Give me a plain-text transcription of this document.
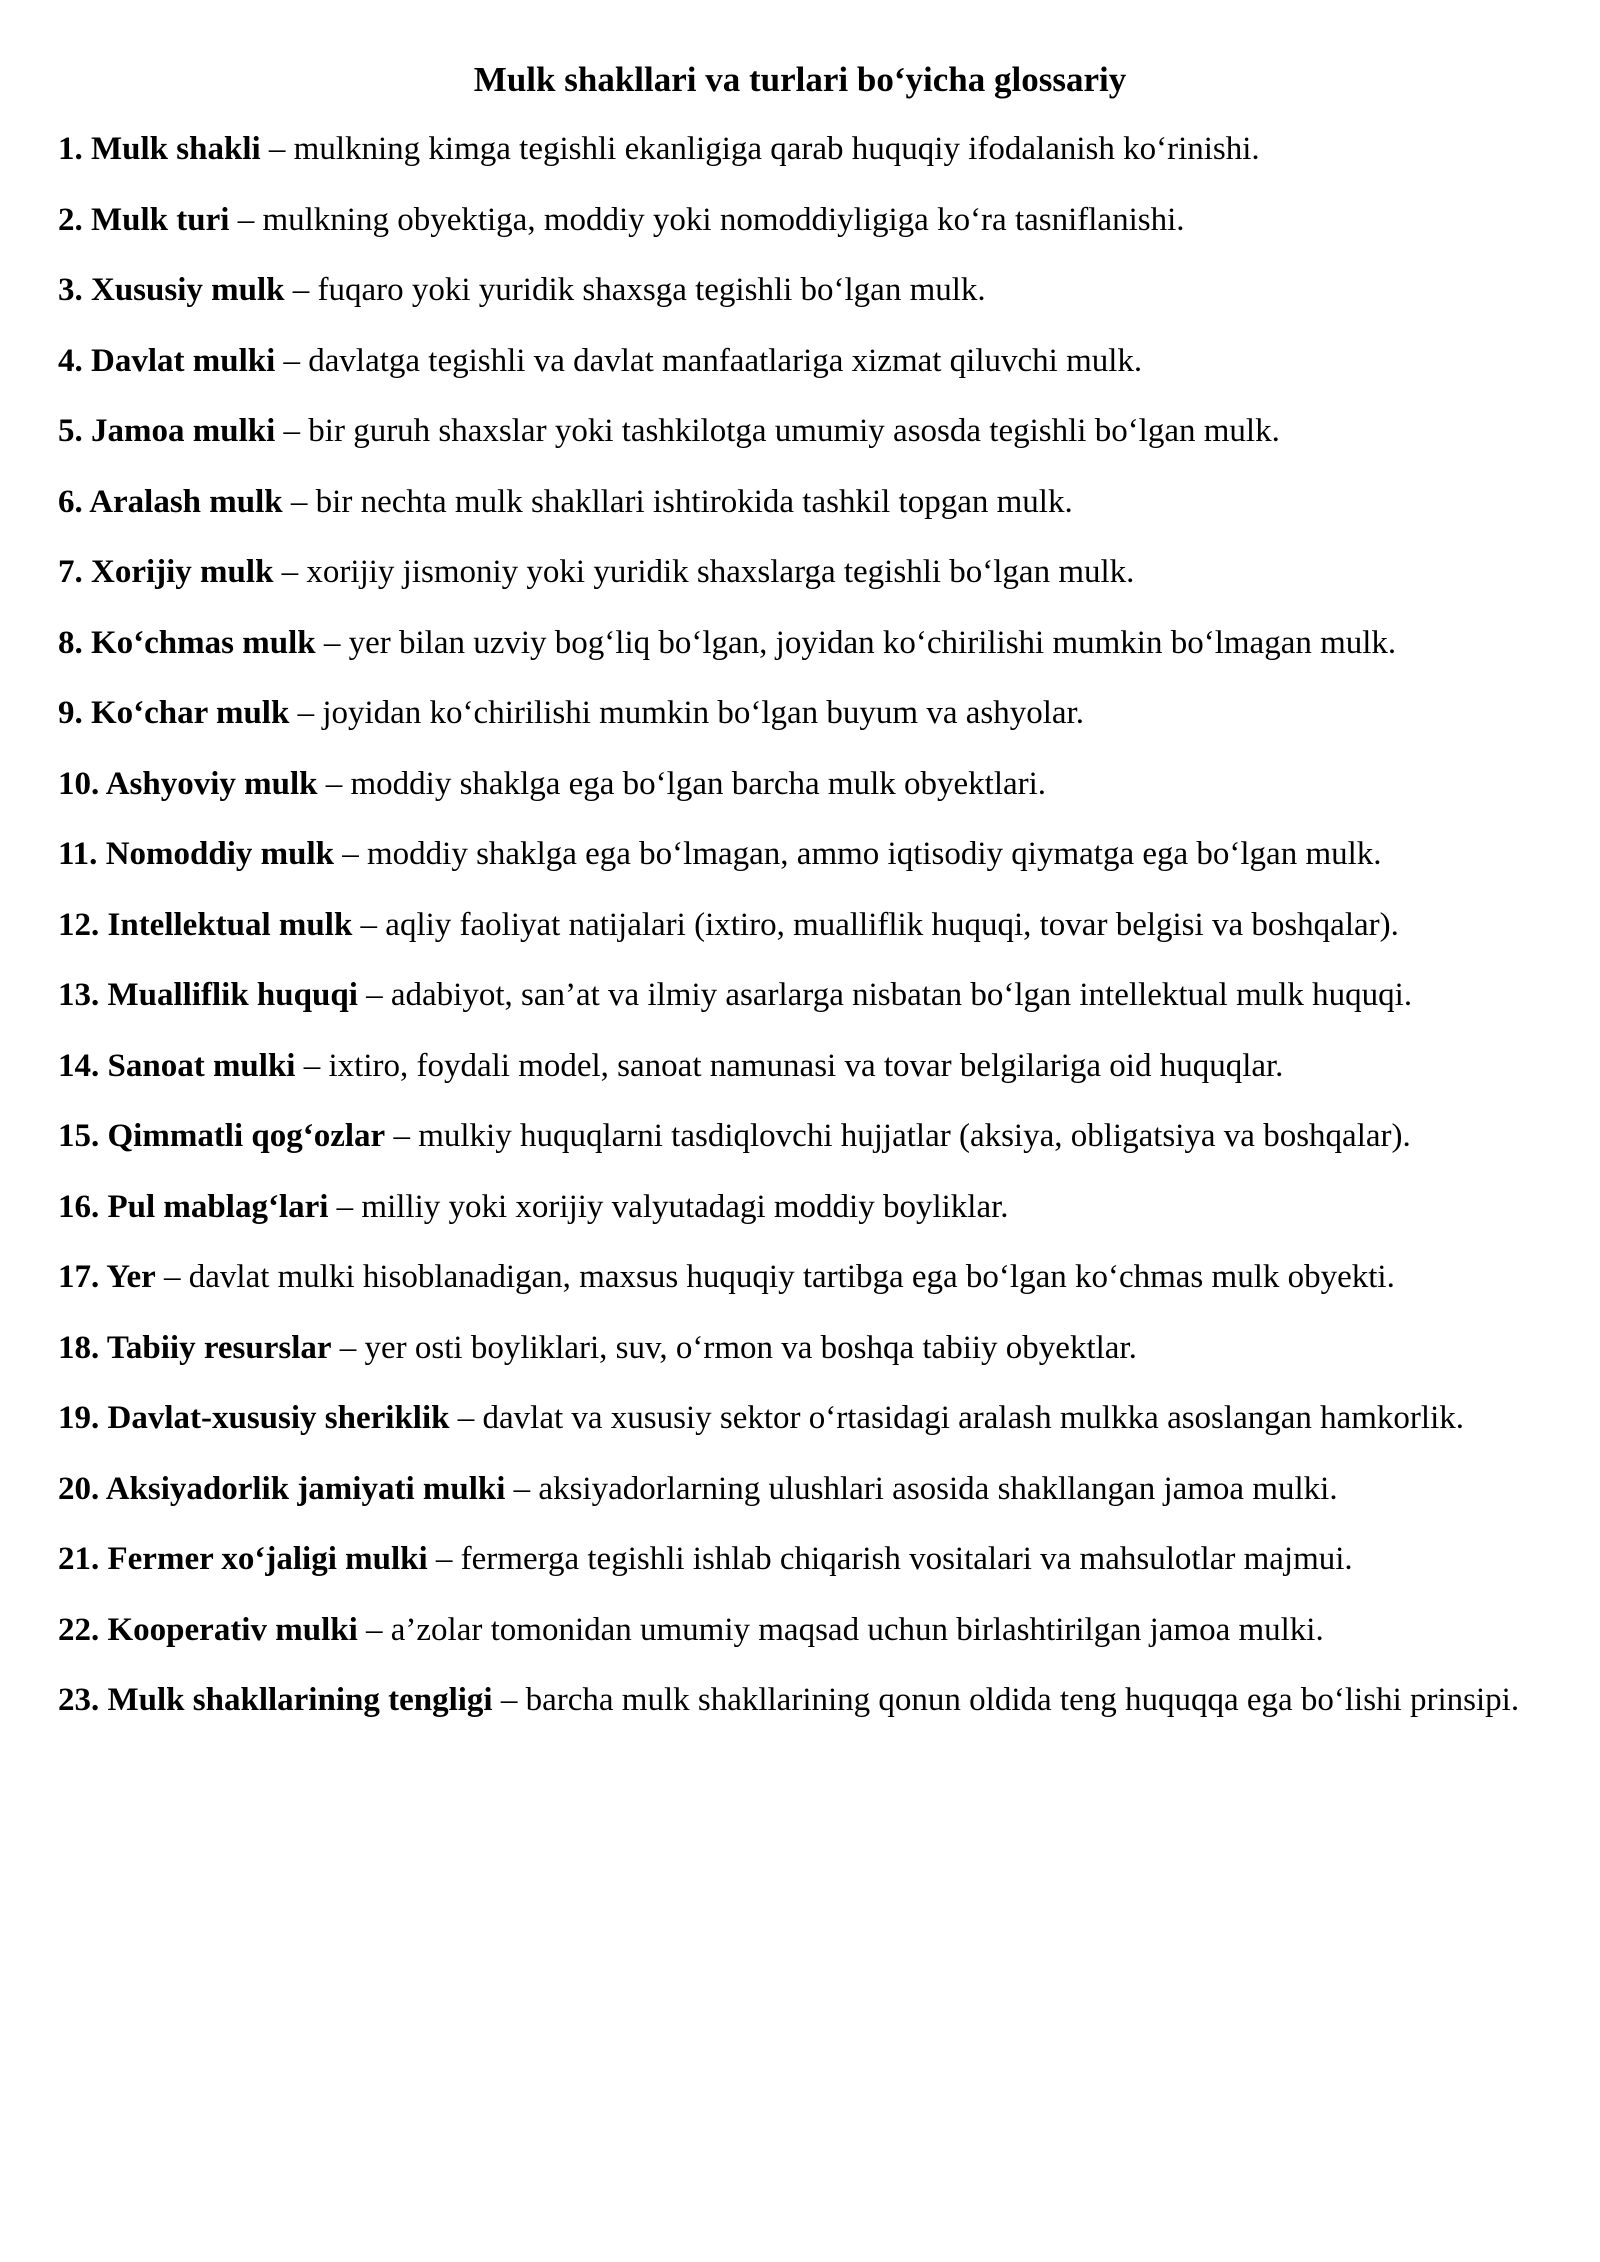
Mulk shakllari va turlari bo‘yicha glossariy
1. Mulk shakli – mulkning kimga tegishli ekanligiga qarab huquqiy ifodalanish ko‘rinishi.
2. Mulk turi – mulkning obyektiga, moddiy yoki nomoddiyligiga ko‘ra tasniflanishi.
3. Xususiy mulk – fuqaro yoki yuridik shaxsga tegishli bo‘lgan mulk.
4. Davlat mulki – davlatga tegishli va davlat manfaatlariga xizmat qiluvchi mulk.
5. Jamoa mulki – bir guruh shaxslar yoki tashkilotga umumiy asosda tegishli bo‘lgan mulk.
6. Aralash mulk – bir nechta mulk shakllari ishtirokida tashkil topgan mulk.
7. Xorijiy mulk – xorijiy jismoniy yoki yuridik shaxslarga tegishli bo‘lgan mulk.
8. Ko‘chmas mulk – yer bilan uzviy bog‘liq bo‘lgan, joyidan ko‘chirilishi mumkin bo‘lmagan mulk.
9. Ko‘char mulk – joyidan ko‘chirilishi mumkin bo‘lgan buyum va ashyolar.
10. Ashyoviy mulk – moddiy shaklga ega bo‘lgan barcha mulk obyektlari.
11. Nomoddiy mulk – moddiy shaklga ega bo‘lmagan, ammo iqtisodiy qiymatga ega bo‘lgan mulk.
12. Intellektual mulk – aqliy faoliyat natijalari (ixtiro, mualliflik huquqi, tovar belgisi va boshqalar).
13. Mualliflik huquqi – adabiyot, san’at va ilmiy asarlarga nisbatan bo‘lgan intellektual mulk huquqi.
14. Sanoat mulki – ixtiro, foydali model, sanoat namunasi va tovar belgilariga oid huquqlar.
15. Qimmatli qog‘ozlar – mulkiy huquqlarni tasdiqlovchi hujjatlar (aksiya, obligatsiya va boshqalar).
16. Pul mablag‘lari – milliy yoki xorijiy valyutadagi moddiy boyliklar.
17. Yer – davlat mulki hisoblanadigan, maxsus huquqiy tartibga ega bo‘lgan ko‘chmas mulk obyekti.
18. Tabiiy resurslar – yer osti boyliklari, suv, o‘rmon va boshqa tabiiy obyektlar.
19. Davlat-xususiy sheriklik – davlat va xususiy sektor o‘rtasidagi aralash mulkka asoslangan hamkorlik.
20. Aksiyadorlik jamiyati mulki – aksiyadorlarning ulushlari asosida shakllangan jamoa mulki.
21. Fermer xo‘jaligi mulki – fermerga tegishli ishlab chiqarish vositalari va mahsulotlar majmui.
22. Kooperativ mulki – a’zolar tomonidan umumiy maqsad uchun birlashtirilgan jamoa mulki.
23. Mulk shakllarining tengligi – barcha mulk shakllarining qonun oldida teng huquqqa ega bo‘lishi prinsipi.
